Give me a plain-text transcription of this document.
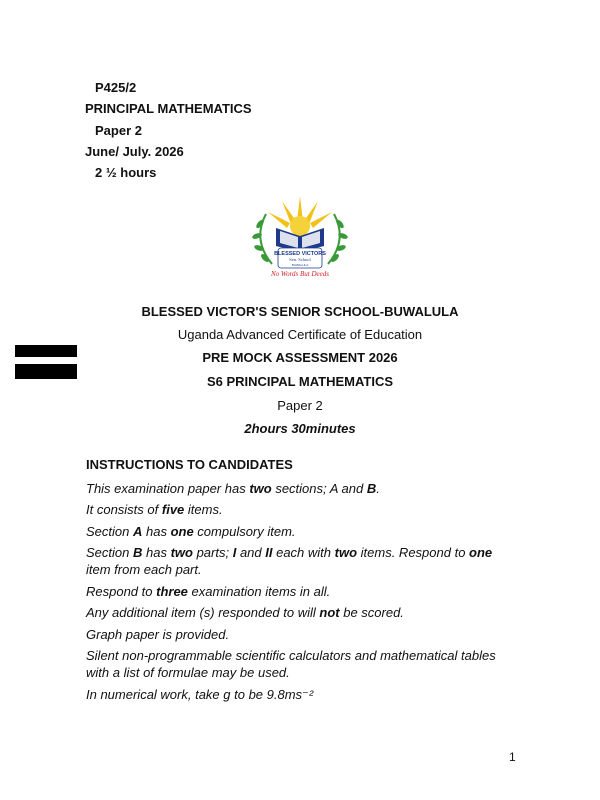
P425/2
PRINCIPAL MATHEMATICS
Paper 2
June/ July. 2026
2 ½ hours
BLESSED VICTORS
Sen. School
BUWALULA
No Words But Deeds
BLESSED VICTOR'S SENIOR SCHOOL-BUWALULA
Uganda Advanced Certificate of Education
PRE MOCK ASSESSMENT 2026
S6 PRINCIPAL MATHEMATICS
Paper 2
2hours 30minutes
INSTRUCTIONS TO CANDIDATES
This examination paper has two sections; A and B.
It consists of five items.
Section A has one compulsory item.
Section B has two parts; I and II each with two items. Respond to one item from each part.
Respond to three examination items in all.
Any additional item (s) responded to will not be scored.
Graph paper is provided.
Silent non-programmable scientific calculators and mathematical tables with a list of formulae may be used.
In numerical work, take g to be 9.8ms⁻²
1
